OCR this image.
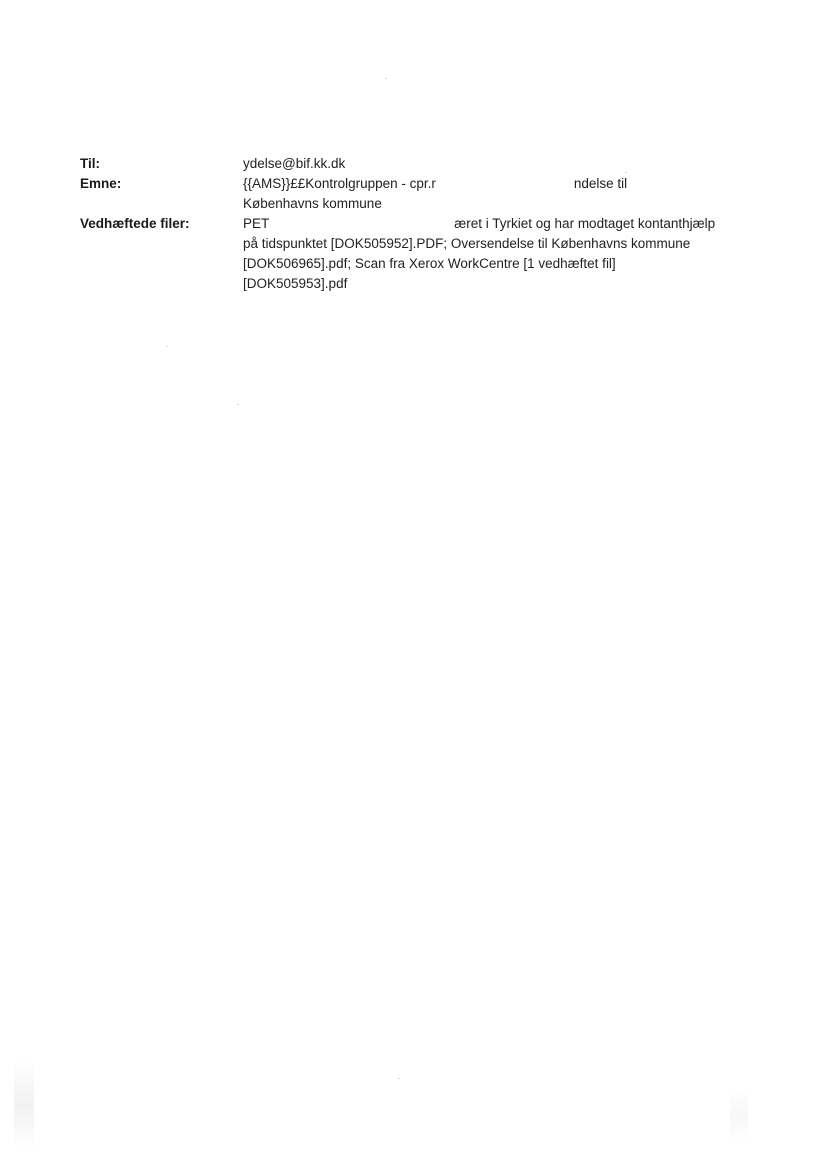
Til:	ydelse@bif.kk.dk
Emne:	{{AMS}}££Kontrolgruppen - cpr.r	ndelse til
Københavns kommune
Vedhæftede filer:	PET	æret i Tyrkiet og har modtaget kontanthjælp
på tidspunktet [DOK505952].PDF; Oversendelse til Københavns kommune
[DOK506965].pdf; Scan fra Xerox WorkCentre [1 vedhæftet fil]
[DOK505953].pdf
